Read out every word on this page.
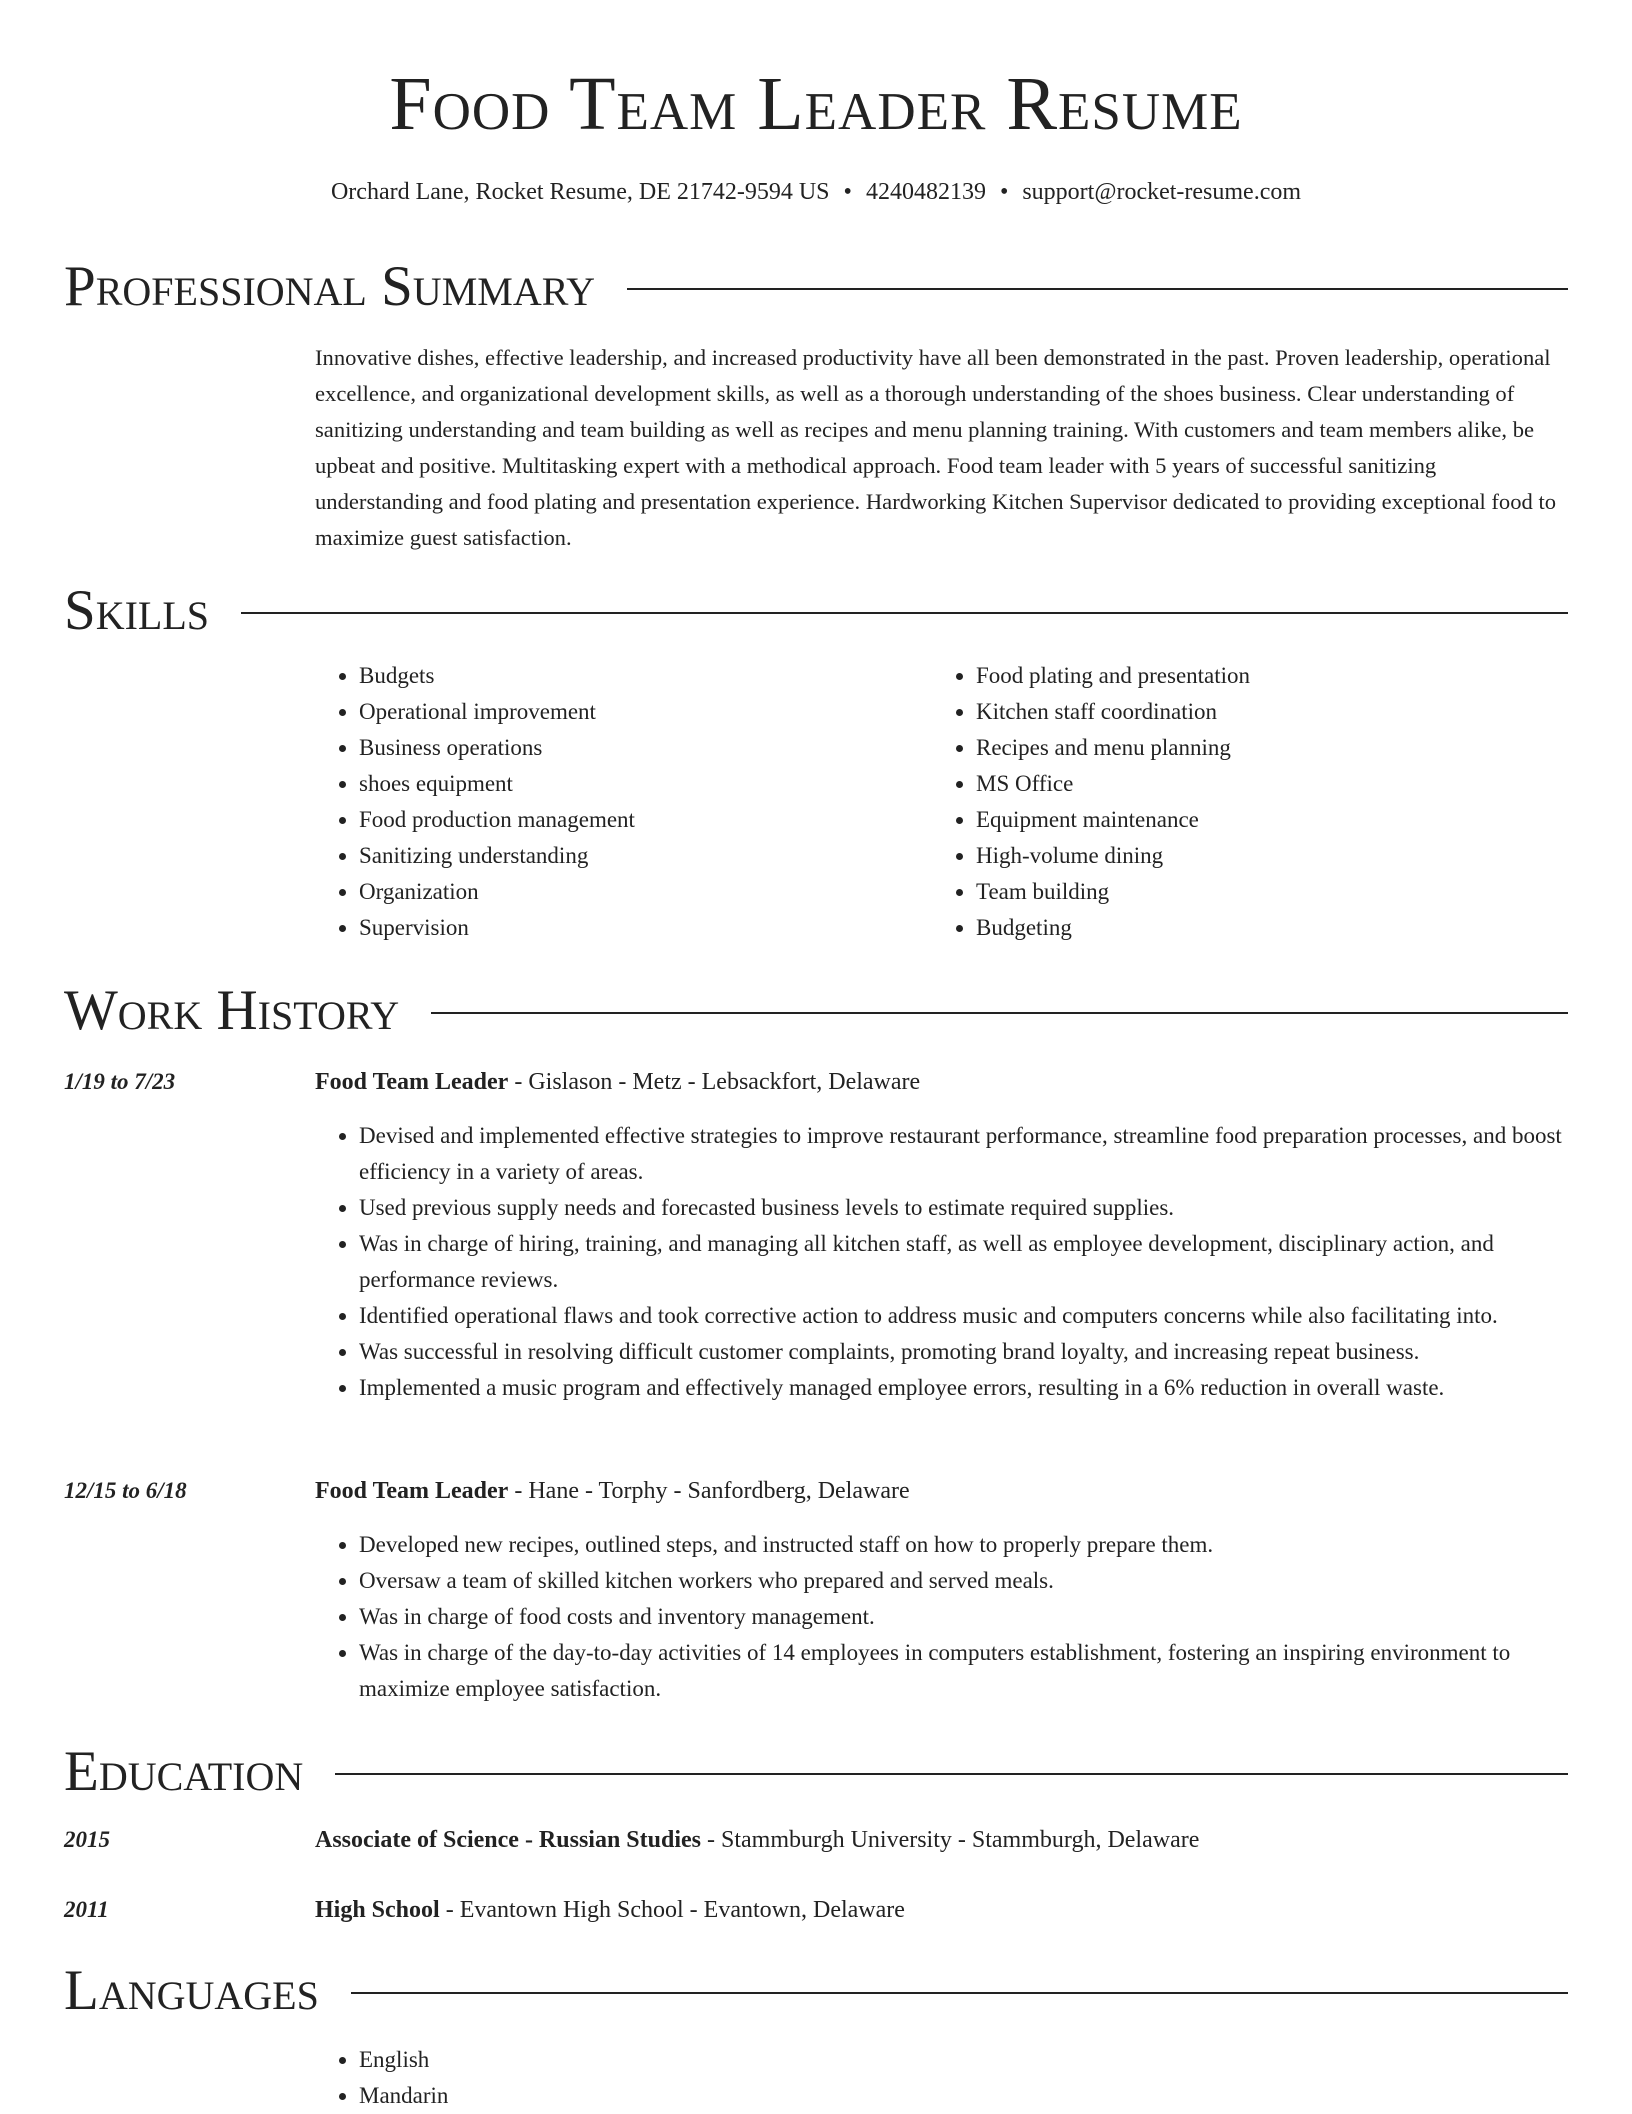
Food Team Leader Resume
Orchard Lane, Rocket Resume, DE 21742-9594 US • 4240482139 • support@rocket-resume.com
Professional Summary

Innovative dishes, effective leadership, and increased productivity have all been demonstrated in the past. Proven leadership, operational excellence, and organizational development skills, as well as a thorough understanding of the shoes business. Clear understanding of sanitizing understanding and team building as well as recipes and menu planning training. With customers and team members alike, be upbeat and positive. Multitasking expert with a methodical approach. Food team leader with 5 years of successful sanitizing understanding and food plating and presentation experience. Hardworking Kitchen Supervisor dedicated to providing exceptional food to maximize guest satisfaction.

Skills
• Budgets
• Operational improvement
• Business operations
• shoes equipment
• Food production management
• Sanitizing understanding
• Organization
• Supervision
• Food plating and presentation
• Kitchen staff coordination
• Recipes and menu planning
• MS Office
• Equipment maintenance
• High-volume dining
• Team building
• Budgeting
Work History
1/19 to 7/23	Food Team Leader - Gislason - Metz - Lebsackfort, Delaware
• Devised and implemented effective strategies to improve restaurant performance, streamline food preparation processes, and boost efficiency in a variety of areas.
• Used previous supply needs and forecasted business levels to estimate required supplies.
• Was in charge of hiring, training, and managing all kitchen staff, as well as employee development, disciplinary action, and performance reviews.
• Identified operational flaws and took corrective action to address music and computers concerns while also facilitating into.
• Was successful in resolving difficult customer complaints, promoting brand loyalty, and increasing repeat business.
• Implemented a music program and effectively managed employee errors, resulting in a 6% reduction in overall waste.
12/15 to 6/18	Food Team Leader - Hane - Torphy - Sanfordberg, Delaware
• Developed new recipes, outlined steps, and instructed staff on how to properly prepare them.
• Oversaw a team of skilled kitchen workers who prepared and served meals.
• Was in charge of food costs and inventory management.
• Was in charge of the day-to-day activities of 14 employees in computers establishment, fostering an inspiring environment to maximize employee satisfaction.
Education
2015	Associate of Science - Russian Studies - Stammburgh University - Stammburgh, Delaware
2011	High School - Evantown High School - Evantown, Delaware
Languages
• English
• Mandarin
